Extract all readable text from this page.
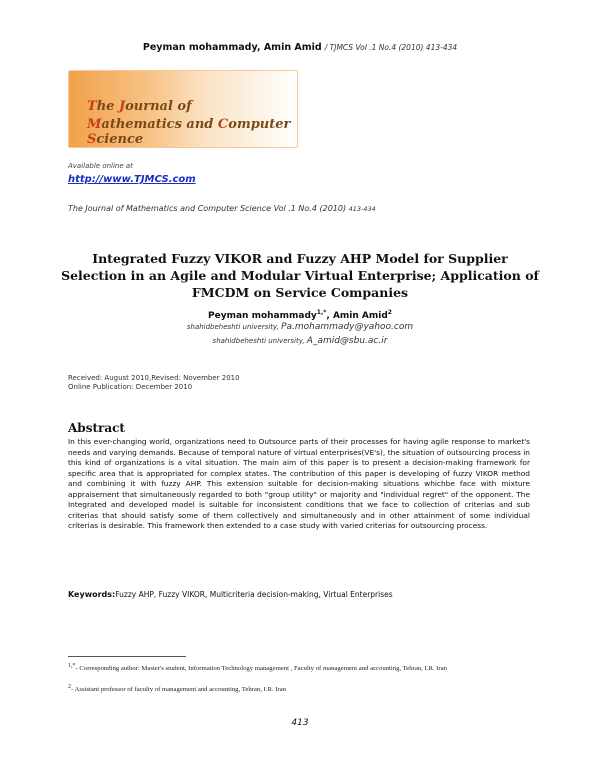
Peyman mohammady, Amin Amid / TJMCS Vol .1 No.4 (2010) 413-434
The Journal of
Mathematics and Computer Science
Available online at
http://www.TJMCS.com
The Journal of Mathematics and Computer Science Vol .1 No.4 (2010) 413-434
Integrated Fuzzy VIKOR and Fuzzy AHP Model for Supplier Selection in an Agile and Modular Virtual Enterprise; Application of FMCDM on Service Companies
Peyman mohammady$^{1,*}$, Amin Amid$^2$
shahidbeheshti university, Pa.mohammady@yahoo.com
shahidbeheshti university, A_amid@sbu.ac.ir
Received: August 2010,Revised: November 2010
Online Publication: December 2010
Abstract
In this ever-changing world, organizations need to Outsource parts of their processes for having agile response to market's needs and varying demands. Because of temporal nature of virtual enterprises(VE's), the situation of outsourcing process in this kind of organizations is a vital situation. The main aim of this paper is to present a decision-making framework for specific area that is appropriated for complex states. The contribution of this paper is developing of fuzzy VIKOR method and combining it with fuzzy AHP. This extension suitable for decision-making situations whichbe face with mixture appraisement that simultaneously regarded to both "group utility" or majority and "individual regret" of the opponent. The Integrated and developed model is suitable for inconsistent conditions that we face to collection of criterias and sub criterias that should satisfy some of them collectively and simultaneously and in other attainment of some individual criterias is desirable. This framework then extended to a case study with varied criterias for outsourcing process.
Keywords:Fuzzy AHP, Fuzzy VIKOR, Multicriteria decision-making, Virtual Enterprises
$^{1,*}$- Corresponding author: Master's student, Information Technology management , Faculty of management and accounting, Tehran, I.R. Iran
$^2$- Assistant professor of faculty of management and accounting, Tehran, I.R. Iran
413
